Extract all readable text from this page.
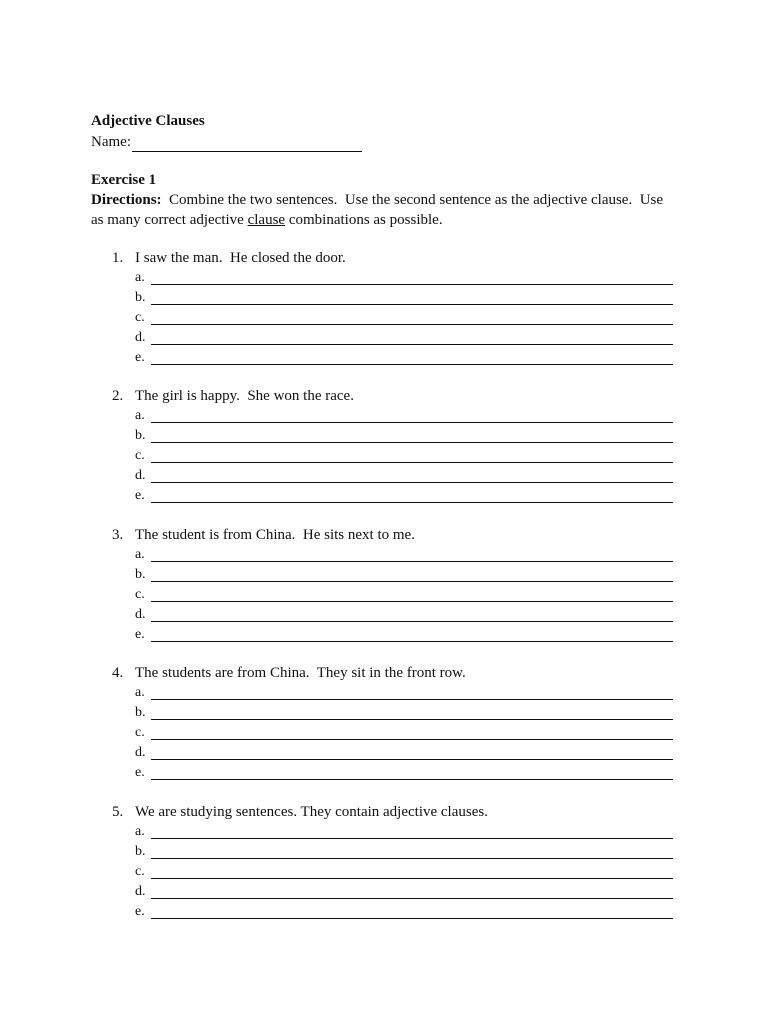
Adjective Clauses
Name:
Exercise 1
Directions:  Combine the two sentences.  Use the second sentence as the adjective clause.  Use as many correct adjective clause combinations as possible.
1. I saw the man.  He closed the door.
a.
b.
c.
d.
e.
2. The girl is happy.  She won the race.
a.
b.
c.
d.
e.
3. The student is from China.  He sits next to me.
a.
b.
c.
d.
e.
4. The students are from China.  They sit in the front row.
a.
b.
c.
d.
e.
5. We are studying sentences. They contain adjective clauses.
a.
b.
c.
d.
e.
